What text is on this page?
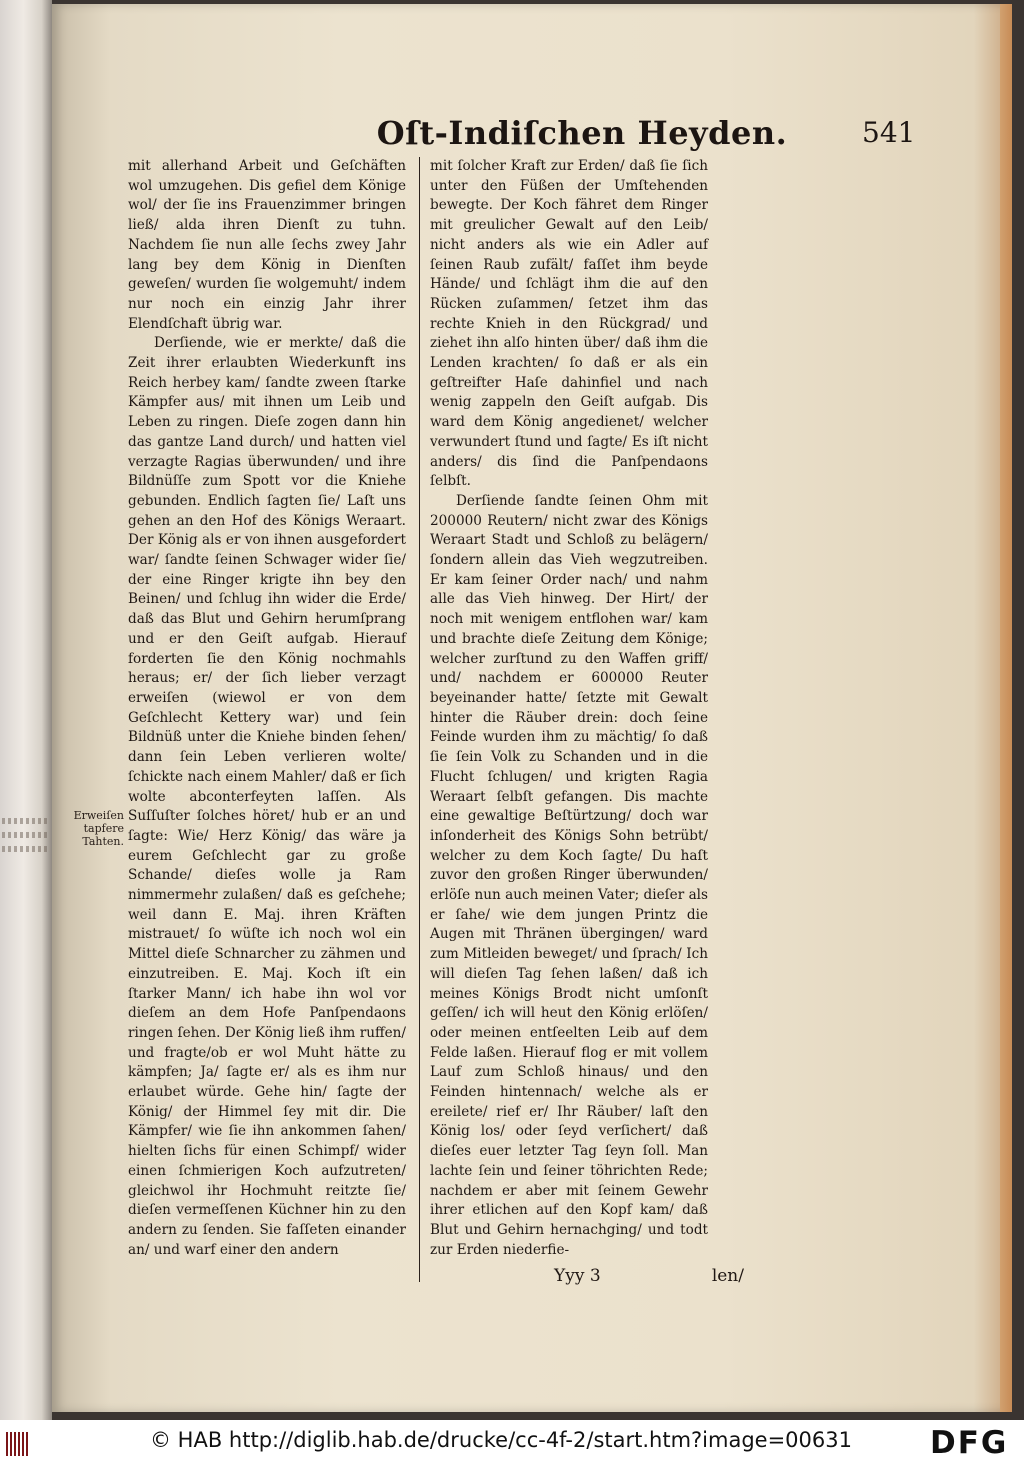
Oſt-Indiſchen Heyden.	541
Erweiſen tapfere Tahten.

mit allerhand Arbeit und Geſchäften wol umzugehen. Dis gefiel dem Könige wol/ der ſie ins Frauenzimmer bringen ließ/ alda ihren Dienſt zu tuhn. Nachdem ſie nun alle ſechs zwey Jahr lang bey dem König in Dienſten geweſen/ wurden ſie wolgemuht/ indem nur noch ein einzig Jahr ihrer Elendſchaft übrig war.

Derſiende, wie er merkte/ daß die Zeit ihrer erlaubten Wiederkunft ins Reich herbey kam/ ſandte zween ſtarke Kämpfer aus/ mit ihnen um Leib und Leben zu ringen. Dieſe zogen dann hin das gantze Land durch/ und hatten viel verzagte Ragias überwunden/ und ihre Bildnüſſe zum Spott vor die Kniehe gebunden. Endlich ſagten ſie/ Laſt uns gehen an den Hof des Königs Weraart. Der König als er von ihnen ausgefordert war/ ſandte ſeinen Schwager wider ſie/ der eine Ringer krigte ihn bey den Beinen/ und ſchlug ihn wider die Erde/ daß das Blut und Gehirn herumſprang und er den Geiſt aufgab. Hierauf forderten ſie den König nochmahls heraus; er/ der ſich lieber verzagt erweiſen (wiewol er von dem Geſchlecht Kettery war) und ſein Bildnüß unter die Kniehe binden ſehen/ dann ſein Leben verlieren wolte/ ſchickte nach einem Mahler/ daß er ſich wolte abconterfeyten laſſen. Als Suſſuſter ſolches höret/ hub er an und ſagte: Wie/ Herz König/ das wäre ja eurem Geſchlecht gar zu große Schande/ dieſes wolle ja Ram nimmermehr zulaßen/ daß es geſchehe; weil dann E. Maj. ihren Kräften mistrauet/ ſo wüſte ich noch wol ein Mittel dieſe Schnarcher zu zähmen und einzutreiben. E. Maj. Koch iſt ein ſtarker Mann/ ich habe ihn wol vor dieſem an dem Hofe Panſpendaons ringen ſehen. Der König ließ ihm ruffen/ und fragte/ob er wol Muht hätte zu kämpfen; Ja/ ſagte er/ als es ihm nur erlaubet würde. Gehe hin/ ſagte der König/ der Himmel ſey mit dir. Die Kämpfer/ wie ſie ihn ankommen ſahen/ hielten ſichs für einen Schimpf/ wider einen ſchmierigen Koch aufzutreten/ gleichwol ihr Hochmuht reitzte ſie/ dieſen vermeſſenen Küchner hin zu den andern zu ſenden. Sie faſſeten einander an/ und warf einer den andern

mit ſolcher Kraft zur Erden/ daß ſie ſich unter den Füßen der Umſtehenden bewegte. Der Koch fähret dem Ringer mit greulicher Gewalt auf den Leib/ nicht anders als wie ein Adler auf ſeinen Raub zufält/ faſſet ihm beyde Hände/ und ſchlägt ihm die auf den Rücken zuſammen/ ſetzet ihm das rechte Knieh in den Rückgrad/ und ziehet ihn alſo hinten über/ daß ihm die Lenden krachten/ ſo daß er als ein geſtreifter Haſe dahinfiel und nach wenig zappeln den Geiſt aufgab. Dis ward dem König angedienet/ welcher verwundert ſtund und ſagte/ Es iſt nicht anders/ dis ſind die Panſpendaons ſelbſt.

Derſiende ſandte ſeinen Ohm mit 200000 Reutern/ nicht zwar des Königs Weraart Stadt und Schloß zu belägern/ ſondern allein das Vieh wegzutreiben. Er kam ſeiner Order nach/ und nahm alle das Vieh hinweg. Der Hirt/ der noch mit wenigem entflohen war/ kam und brachte dieſe Zeitung dem Könige; welcher zurſtund zu den Waffen griff/ und/ nachdem er 600000 Reuter beyeinander hatte/ ſetzte mit Gewalt hinter die Räuber drein: doch ſeine Feinde wurden ihm zu mächtig/ ſo daß ſie ſein Volk zu Schanden und in die Flucht ſchlugen/ und krigten Ragia Weraart ſelbſt gefangen. Dis machte eine gewaltige Beſtürtzung/ doch war inſonderheit des Königs Sohn betrübt/ welcher zu dem Koch ſagte/ Du haſt zuvor den großen Ringer überwunden/ erlöſe nun auch meinen Vater; dieſer als er ſahe/ wie dem jungen Printz die Augen mit Thränen übergingen/ ward zum Mitleiden beweget/ und ſprach/ Ich will dieſen Tag ſehen laßen/ daß ich meines Königs Brodt nicht umſonſt geſſen/ ich will heut den König erlöſen/ oder meinen entſeelten Leib auf dem Felde laßen. Hierauf flog er mit vollem Lauf zum Schloß hinaus/ und den Feinden hintennach/ welche als er ereilete/ rief er/ Ihr Räuber/ laſt den König los/ oder ſeyd verſichert/ daß dieſes euer letzter Tag ſeyn ſoll. Man lachte ſein und ſeiner töhrichten Rede; nachdem er aber mit ſeinem Gewehr ihrer etlichen auf den Kopf kam/ daß Blut und Gehirn hernachging/ und todt zur Erden niederfie-

Yyy 3	len/
© HAB http://diglib.hab.de/drucke/cc-4f-2/start.htm?image=00631	DFG
